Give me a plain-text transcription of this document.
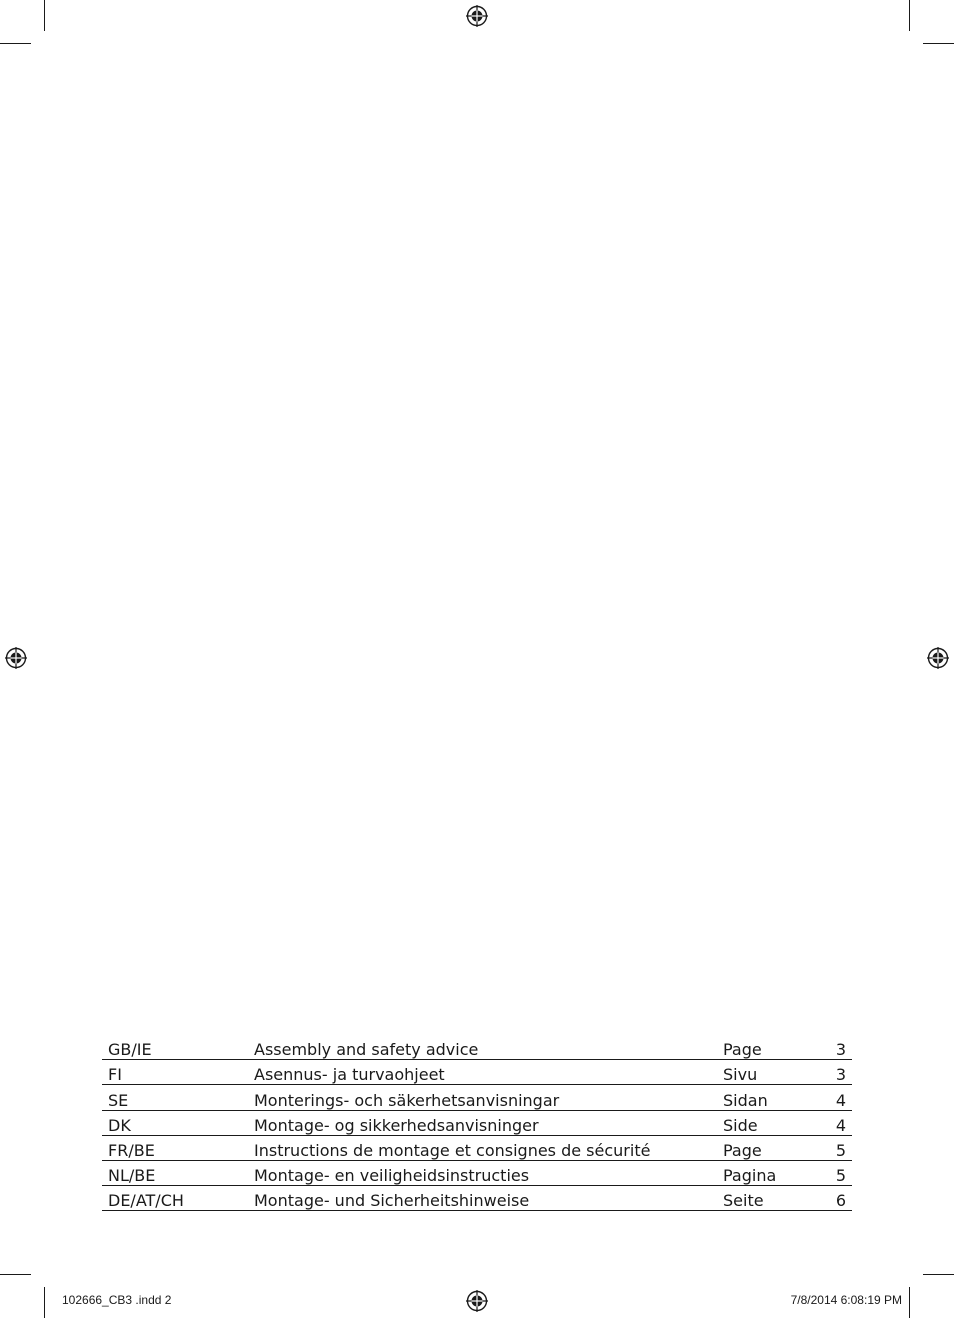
GB/IE	Assembly and safety advice	Page	3
FI	Asennus- ja turvaohjeet	Sivu	3
SE	Monterings- och säkerhetsanvisningar	Sidan	4
DK	Montage- og sikkerhedsanvisninger	Side	4
FR/BE	Instructions de montage et consignes de sécurité	Page	5
NL/BE	Montage- en veiligheidsinstructies	Pagina	5
DE/AT/CH	Montage- und Sicherheitshinweise	Seite	6
102666_CB3 .indd 2	7/8/2014 6:08:19 PM
